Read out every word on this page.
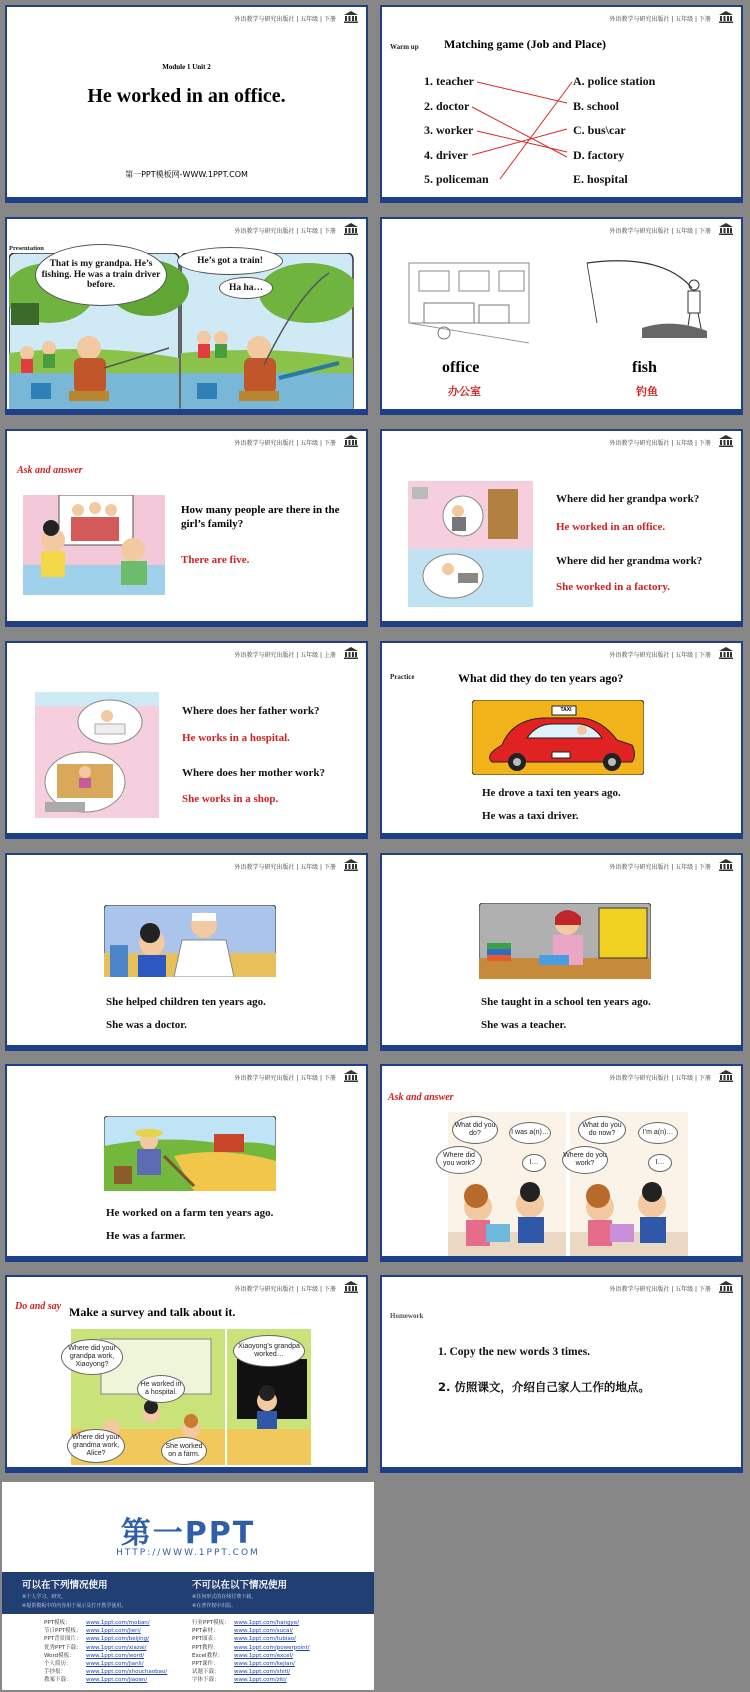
外语教学与研究出版社 | 五年级 | 下册
Module 1 Unit 2
He worked in an office.
第一PPT模板网-WWW.1PPT.COM
外语教学与研究出版社 | 五年级 | 下册
Warm up Matching game (Job and Place)
1. teacher
2. doctor
3. worker
4. driver
5. policeman
A. police station
B. school
C. bus\car
D. factory
E. hospital
外语教学与研究出版社 | 五年级 | 下册
Presentation
That is my grandpa. He’s fishing. He was a train driver before.
He’s got a train!
Ha ha…
外语教学与研究出版社 | 五年级 | 下册
office
办公室
fish
钓鱼
外语教学与研究出版社 | 五年级 | 下册
Ask and answer
How many people are there in the girl’s family?
There are five.
外语教学与研究出版社 | 五年级 | 下册
Where did her grandpa work?
He worked in an office.
Where did her grandma work?
She worked in a factory.
外语教学与研究出版社 | 五年级 | 上册
Where does her father work?
He works in a hospital.
Where does her mother work?
She works in a shop.
外语教学与研究出版社 | 五年级 | 下册
Practice	What did they do ten years ago?
TAXI
He drove a taxi ten years ago.
He was a taxi driver.
外语教学与研究出版社 | 五年级 | 下册
She helped children ten years ago.
She was a doctor.
外语教学与研究出版社 | 五年级 | 下册
She taught in a school ten years ago.
She was a teacher.
外语教学与研究出版社 | 五年级 | 下册
He worked on a farm ten years ago.
He was a farmer.
外语教学与研究出版社 | 五年级 | 下册
Ask and answer
What did you do?	I was a(n)…
Where did you work?	I…
What do you do now?	I’m a(n)…
Where do you work?	I…
外语教学与研究出版社 | 五年级 | 下册
Do and say Make a survey and talk about it.
Where did your grandpa work, Xiaoyong?
He worked in a hospital.
Where did your grandma work, Alice?
She worked on a farm.
Xiaoyong’s grandpa worked…
外语教学与研究出版社 | 五年级 | 下册
Homework
1. Copy the new words 3 times.
2. 仿照课文，介绍自己家人工作的地点。
第一PPT
HTTP://WWW.1PPT.COM
可以在下列情况使用
※个人学习、研究。
※提供模板中的内容用于展示及打开教学使用。
不可以在以下情况使用
※任何形式的在线付费下载。
※在著作权中出版。
PPT模板：	www.1ppt.com/moban/
节日PPT模板： www.1ppt.com/jieri/
PPT背景图片： www.1ppt.com/beijing/
优秀PPT下载： www.1ppt.com/xiazai/
Word模板： www.1ppt.com/word/
个人简历：	www.1ppt.com/jianli/
手抄报：	www.1ppt.com/shouchaobao/
教案下载：	www.1ppt.com/jiaoan/
行业PPT模板： www.1ppt.com/hangye/
PPT素材：	www.1ppt.com/sucai/
PPT图表：	www.1ppt.com/tubiao/
PPT教程：	www.1ppt.com/powerpoint/
Excel教程： www.1ppt.com/excel/
PPT课件：	www.1ppt.com/kejian/
试题下载：	www.1ppt.com/shiti/
字体下载：	www.1ppt.com/ziti/
